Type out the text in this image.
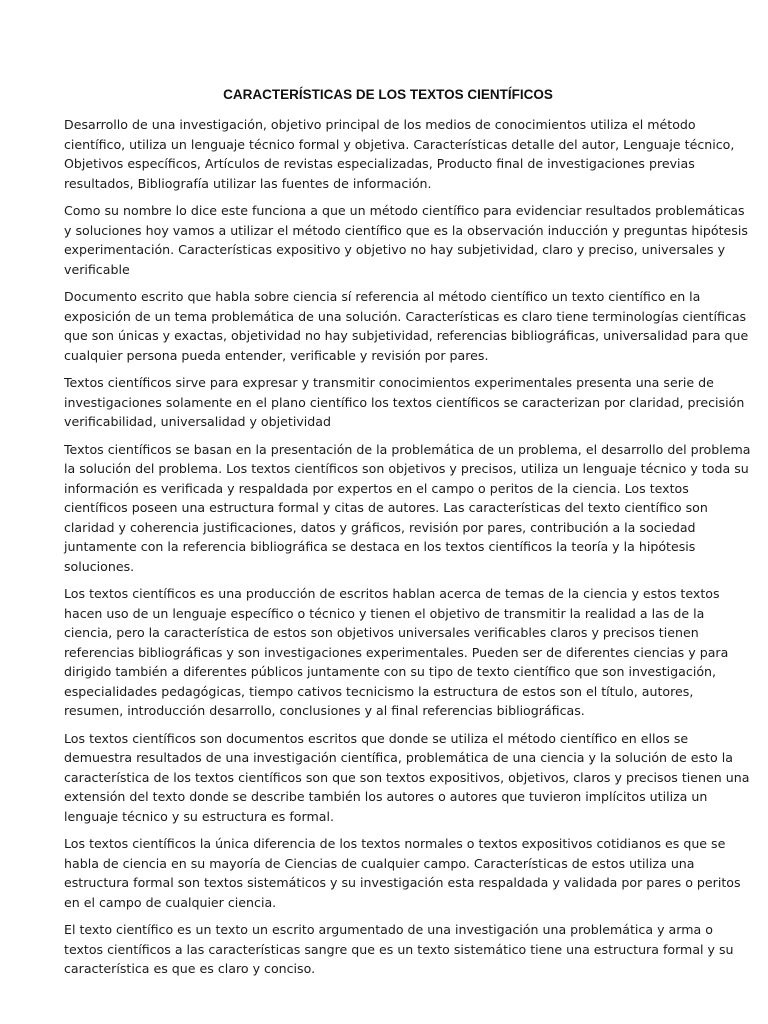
CARACTERÍSTICAS DE LOS TEXTOS CIENTÍFICOS

Desarrollo de una investigación, objetivo principal de los medios de conocimientos utiliza el método científico, utiliza un lenguaje técnico formal y objetiva. Características detalle del autor, Lenguaje técnico, Objetivos específicos, Artículos de revistas especializadas, Producto final de investigaciones previas resultados, Bibliografía utilizar las fuentes de información.

Como su nombre lo dice este funciona a que un método científico para evidenciar resultados problemáticas y soluciones hoy vamos a utilizar el método científico que es la observación inducción y preguntas hipótesis experimentación. Características expositivo y objetivo no hay subjetividad, claro y preciso, universales y verificable

Documento escrito que habla sobre ciencia sí referencia al método científico un texto científico en la exposición de un tema problemática de una solución. Características es claro tiene terminologías científicas que son únicas y exactas, objetividad no hay subjetividad, referencias bibliográficas, universalidad para que cualquier persona pueda entender, verificable y revisión por pares.

Textos científicos sirve para expresar y transmitir conocimientos experimentales presenta una serie de investigaciones solamente en el plano científico los textos científicos se caracterizan por claridad, precisión verificabilidad, universalidad y objetividad

Textos científicos se basan en la presentación de la problemática de un problema, el desarrollo del problema la solución del problema. Los textos científicos son objetivos y precisos, utiliza un lenguaje técnico y toda su información es verificada y respaldada por expertos en el campo o peritos de la ciencia. Los textos científicos poseen una estructura formal y citas de autores. Las características del texto científico son claridad y coherencia justificaciones, datos y gráficos, revisión por pares, contribución a la sociedad juntamente con la referencia bibliográfica se destaca en los textos científicos la teoría y la hipótesis soluciones.

Los textos científicos es una producción de escritos hablan acerca de temas de la ciencia y estos textos hacen uso de un lenguaje específico o técnico y tienen el objetivo de transmitir la realidad a las de la ciencia, pero la característica de estos son objetivos universales verificables claros y precisos tienen referencias bibliográficas y son investigaciones experimentales. Pueden ser de diferentes ciencias y para dirigido también a diferentes públicos juntamente con su tipo de texto científico que son investigación, especialidades pedagógicas, tiempo cativos tecnicismo la estructura de estos son el título, autores, resumen, introducción desarrollo, conclusiones y al final referencias bibliográficas.

Los textos científicos son documentos escritos que donde se utiliza el método científico en ellos se demuestra resultados de una investigación científica, problemática de una ciencia y la solución de esto la característica de los textos científicos son que son textos expositivos, objetivos, claros y precisos tienen una extensión del texto donde se describe también los autores o autores que tuvieron implícitos utiliza un lenguaje técnico y su estructura es formal.

Los textos científicos la única diferencia de los textos normales o textos expositivos cotidianos es que se habla de ciencia en su mayoría de Ciencias de cualquier campo. Características de estos utiliza una estructura formal son textos sistemáticos y su investigación esta respaldada y validada por pares o peritos en el campo de cualquier ciencia.

El texto científico es un texto un escrito argumentado de una investigación una problemática y arma o textos científicos a las características sangre que es un texto sistemático tiene una estructura formal y su característica es que es claro y conciso.
